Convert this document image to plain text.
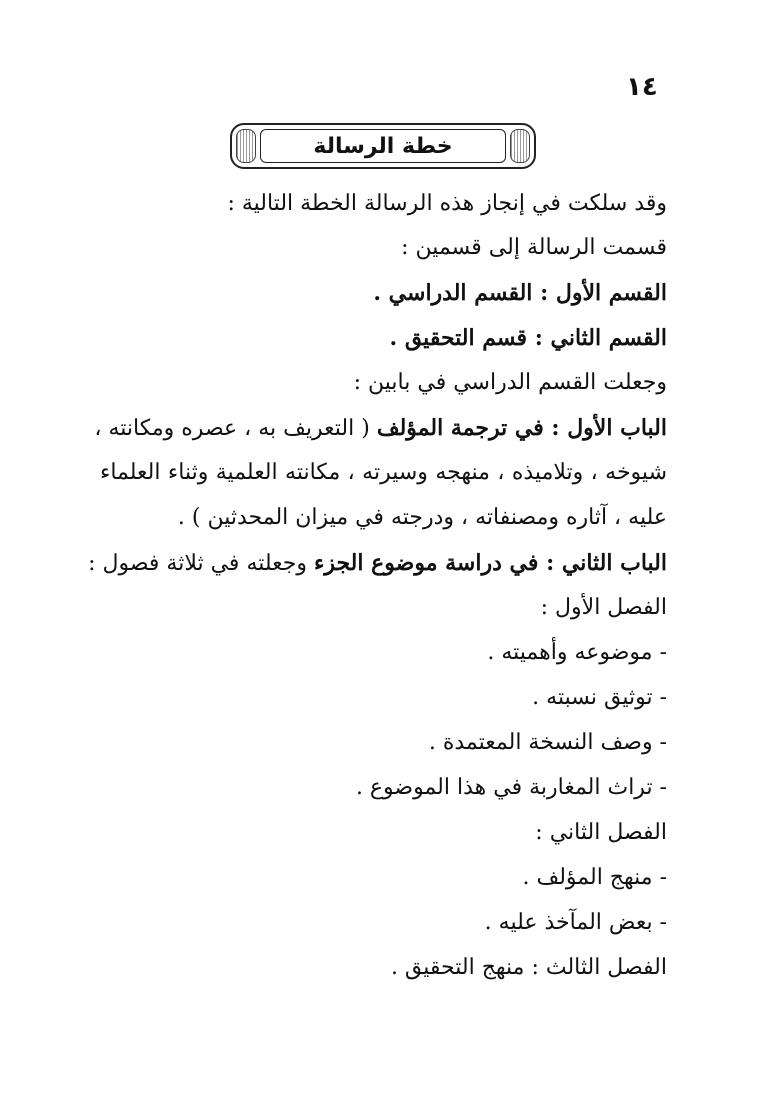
١٤
خطة الرسالة
وقد سلكت في إنجاز هذه الرسالة الخطة التالية :
قسمت الرسالة إلى قسمين :
القسم الأول : القسم الدراسي .
القسم الثاني : قسم التحقيق .
وجعلت القسم الدراسي في بابين :
الباب الأول : في ترجمة المؤلف ( التعريف به ، عصره ومكانته ،
شيوخه ، وتلاميذه ، منهجه وسيرته ، مكانته العلمية وثناء العلماء
عليه ، آثاره ومصنفاته ، ودرجته في ميزان المحدثين ) .
الباب الثاني : في دراسة موضوع الجزء وجعلته في ثلاثة فصول :
الفصل الأول :
- موضوعه وأهميته .
- توثيق نسبته .
- وصف النسخة المعتمدة .
- تراث المغاربة في هذا الموضوع .
الفصل الثاني :
- منهج المؤلف .
- بعض المآخذ عليه .
الفصل الثالث : منهج التحقيق .
